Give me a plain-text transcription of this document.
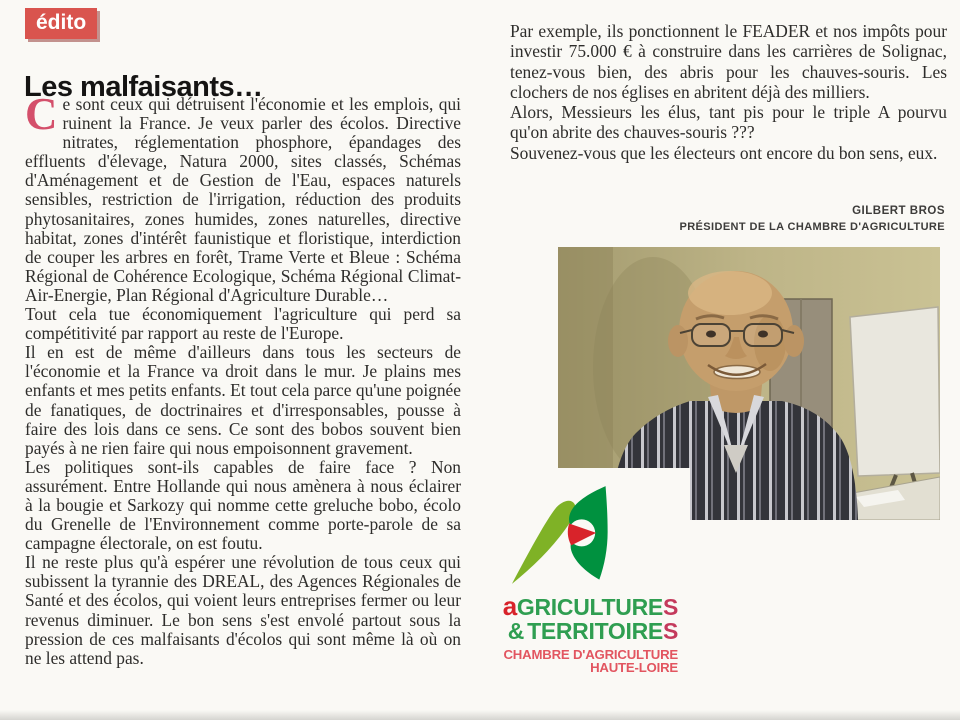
édito
Les malfaisants…

Ce sont ceux qui détruisent l'économie et les emplois, qui ruinent la France. Je veux parler des écolos. Directive nitrates, réglementation phosphore, épandages des effluents d'élevage, Natura 2000, sites classés, Schémas d'Aménagement et de Gestion de l'Eau, espaces naturels sensibles, restriction de l'irrigation, réduction des produits phytosanitaires, zones humides, zones naturelles, directive habitat, zones d'intérêt faunistique et floristique, interdiction de couper les arbres en forêt, Trame Verte et Bleue : Schéma Régional de Cohérence Ecologique, Schéma Régional Climat-Air-Energie, Plan Régional d'Agriculture Durable…

Tout cela tue économiquement l'agriculture qui perd sa compétitivité par rapport au reste de l'Europe.

Il en est de même d'ailleurs dans tous les secteurs de l'économie et la France va droit dans le mur. Je plains mes enfants et mes petits enfants. Et tout cela parce qu'une poignée de fanatiques, de doctrinaires et d'irresponsables, pousse à faire des lois dans ce sens. Ce sont des bobos souvent bien payés à ne rien faire qui nous empoisonnent gravement.

Les politiques sont-ils capables de faire face ? Non assurément. Entre Hollande qui nous amènera à nous éclairer à la bougie et Sarkozy qui nomme cette greluche bobo, écolo du Grenelle de l'Environnement comme porte-parole de sa campagne électorale, on est foutu.

Il ne reste plus qu'à espérer une révolution de tous ceux qui subissent la tyrannie des DREAL, des Agences Régionales de Santé et des écolos, qui voient leurs entreprises fermer ou leur revenus diminuer. Le bon sens s'est envolé partout sous la pression de ces malfaisants d'écolos qui sont même là où on ne les attend pas.

Par exemple, ils ponctionnent le FEADER et nos impôts pour investir 75.000 € à construire dans les carrières de Solignac, tenez-vous bien, des abris pour les chauves-souris. Les clochers de nos églises en abritent déjà des milliers.

Alors, Messieurs les élus, tant pis pour le triple A pourvu qu'on abrite des chauves-souris ???

Souvenez-vous que les électeurs ont encore du bon sens, eux.

GILBERT BROS
PRÉSIDENT DE LA CHAMBRE D'AGRICULTURE
aGRICULTURES
& TERRITOIRES
CHAMBRE D'AGRICULTURE
HAUTE-LOIRE
